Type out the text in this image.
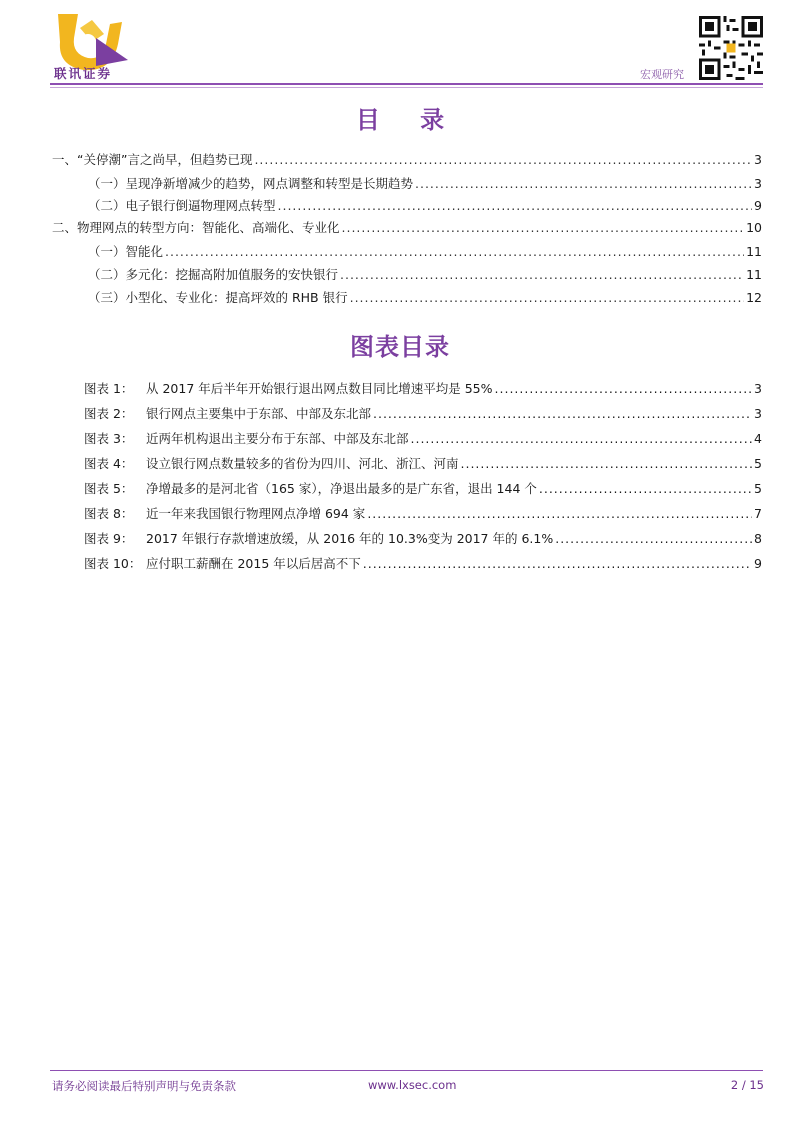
联讯证券	宏观研究
目 录
一、“关停潮”言之尚早，但趋势已现 .....	3
（一）呈现净新增减少的趋势，网点调整和转型是长期趋势 .....	3
（二）电子银行倒逼物理网点转型 .....	9
二、物理网点的转型方向：智能化、高端化、专业化 .....	10
（一）智能化 .....	11
（二）多元化：挖掘高附加值服务的安快银行 .....	11
（三）小型化、专业化：提高坪效的 RHB 银行 .....	12
图表目录
图表 1：	从 2017 年后半年开始银行退出网点数目同比增速平均是 55% .....	3
图表 2：	银行网点主要集中于东部、中部及东北部 .....	3
图表 3：	近两年机构退出主要分布于东部、中部及东北部 .....	4
图表 4：	设立银行网点数量较多的省份为四川、河北、浙江、河南 .....	5
图表 5：	净增最多的是河北省（165 家），净退出最多的是广东省，退出 144 个 .....	5
图表 8：	近一年来我国银行物理网点净增 694 家 .....	7
图表 9：	2017 年银行存款增速放缓，从 2016 年的 10.3%变为 2017 年的 6.1% .....	8
图表 10： 应付职工薪酬在 2015 年以后居高不下 .....	9
请务必阅读最后特别声明与免责条款	www.lxsec.com	2 / 15
